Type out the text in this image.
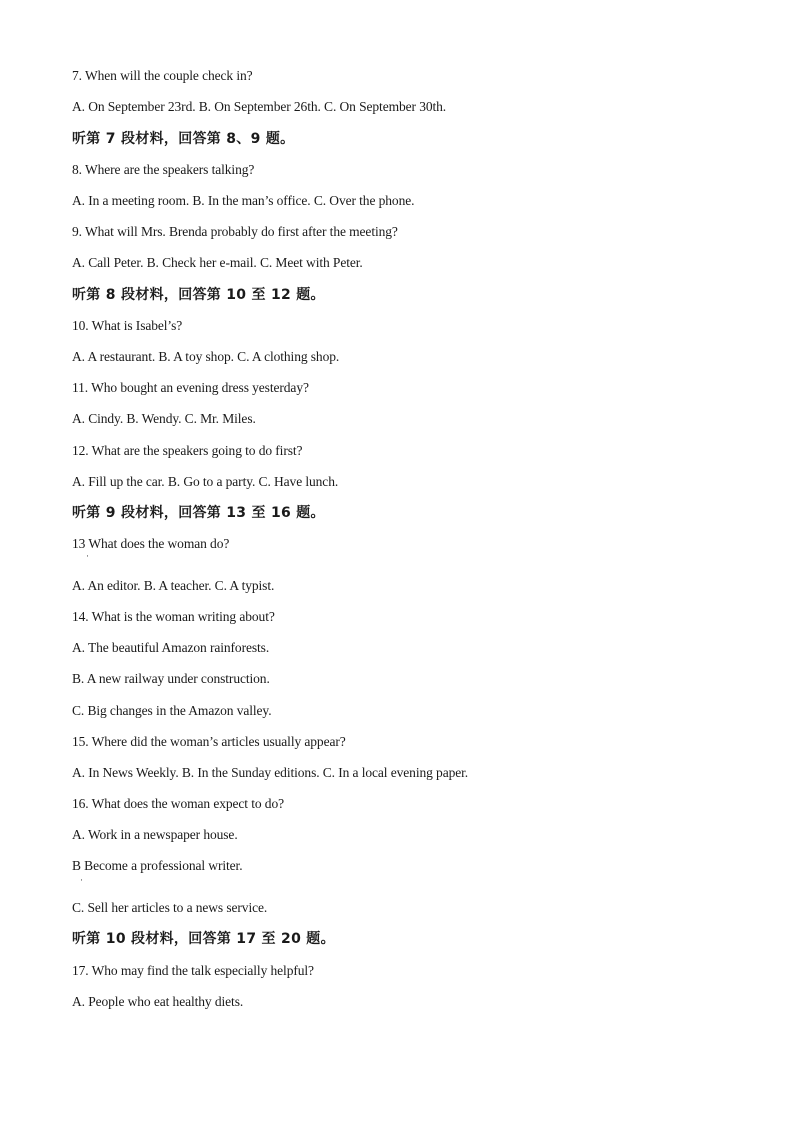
7. When will the couple check in?
A. On September 23rd. B. On September 26th. C. On September 30th.
听第 7 段材料，回答第 8、9 题。
8. Where are the speakers talking?
A. In a meeting room. B. In the man’s office. C. Over the phone.
9. What will Mrs. Brenda probably do first after the meeting?
A. Call Peter. B. Check her e-mail. C. Meet with Peter.
听第 8 段材料，回答第 10 至 12 题。
10. What is Isabel’s?
A. A restaurant. B. A toy shop. C. A clothing shop.
11. Who bought an evening dress yesterday?
A. Cindy. B. Wendy. C. Mr. Miles.
12. What are the speakers going to do first?
A. Fill up the car. B. Go to a party. C. Have lunch.
听第 9 段材料，回答第 13 至 16 题。
13 What does the woman do?
·
A. An editor. B. A teacher. C. A typist.
14. What is the woman writing about?
A. The beautiful Amazon rainforests.
B. A new railway under construction.
C. Big changes in the Amazon valley.
15. Where did the woman’s articles usually appear?
A. In News Weekly. B. In the Sunday editions. C. In a local evening paper.
16. What does the woman expect to do?
A. Work in a newspaper house.
B Become a professional writer.
·
C. Sell her articles to a news service.
听第 10 段材料，回答第 17 至 20 题。
17. Who may find the talk especially helpful?
A. People who eat healthy diets.
